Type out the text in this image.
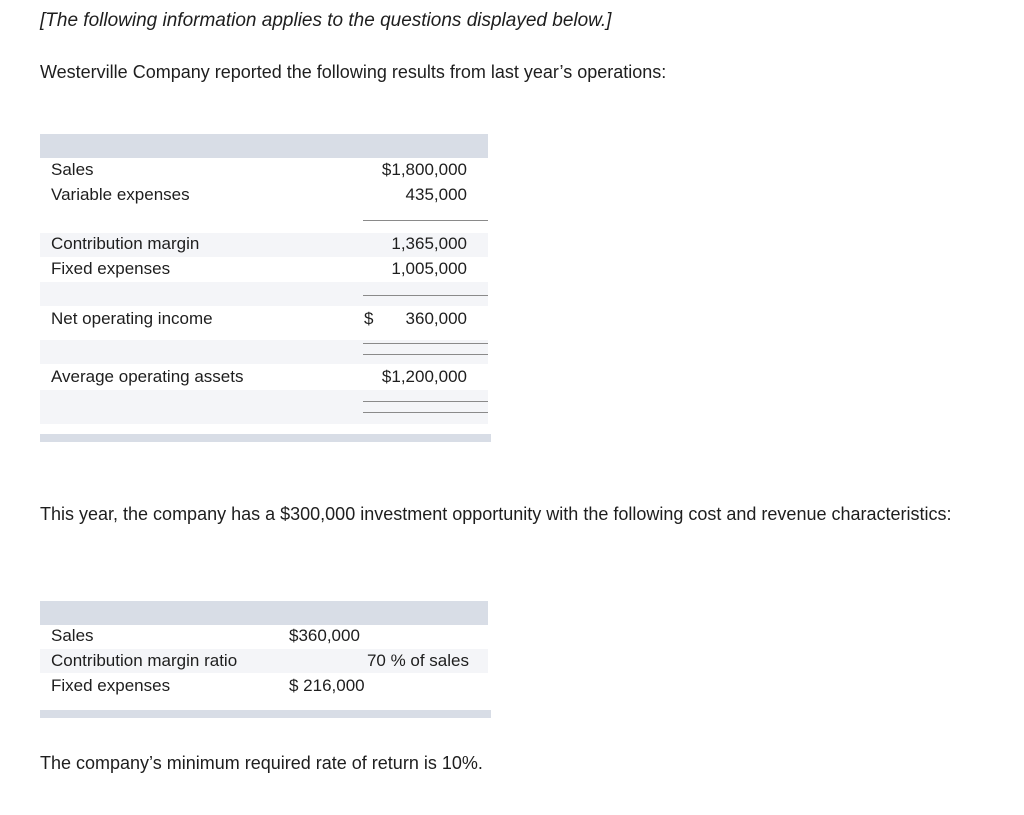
[The following information applies to the questions displayed below.]
Westerville Company reported the following results from last year’s operations:
Sales	$1,800,000
Variable expenses	435,000
Contribution margin	1,365,000
Fixed expenses	1,005,000
Net operating income	$	360,000
Average operating assets	$1,200,000
This year, the company has a $300,000 investment opportunity with the following cost and revenue characteristics:
Sales	$360,000
Contribution margin ratio	70 % of sales
Fixed expenses	$ 216,000
The company’s minimum required rate of return is 10%.
